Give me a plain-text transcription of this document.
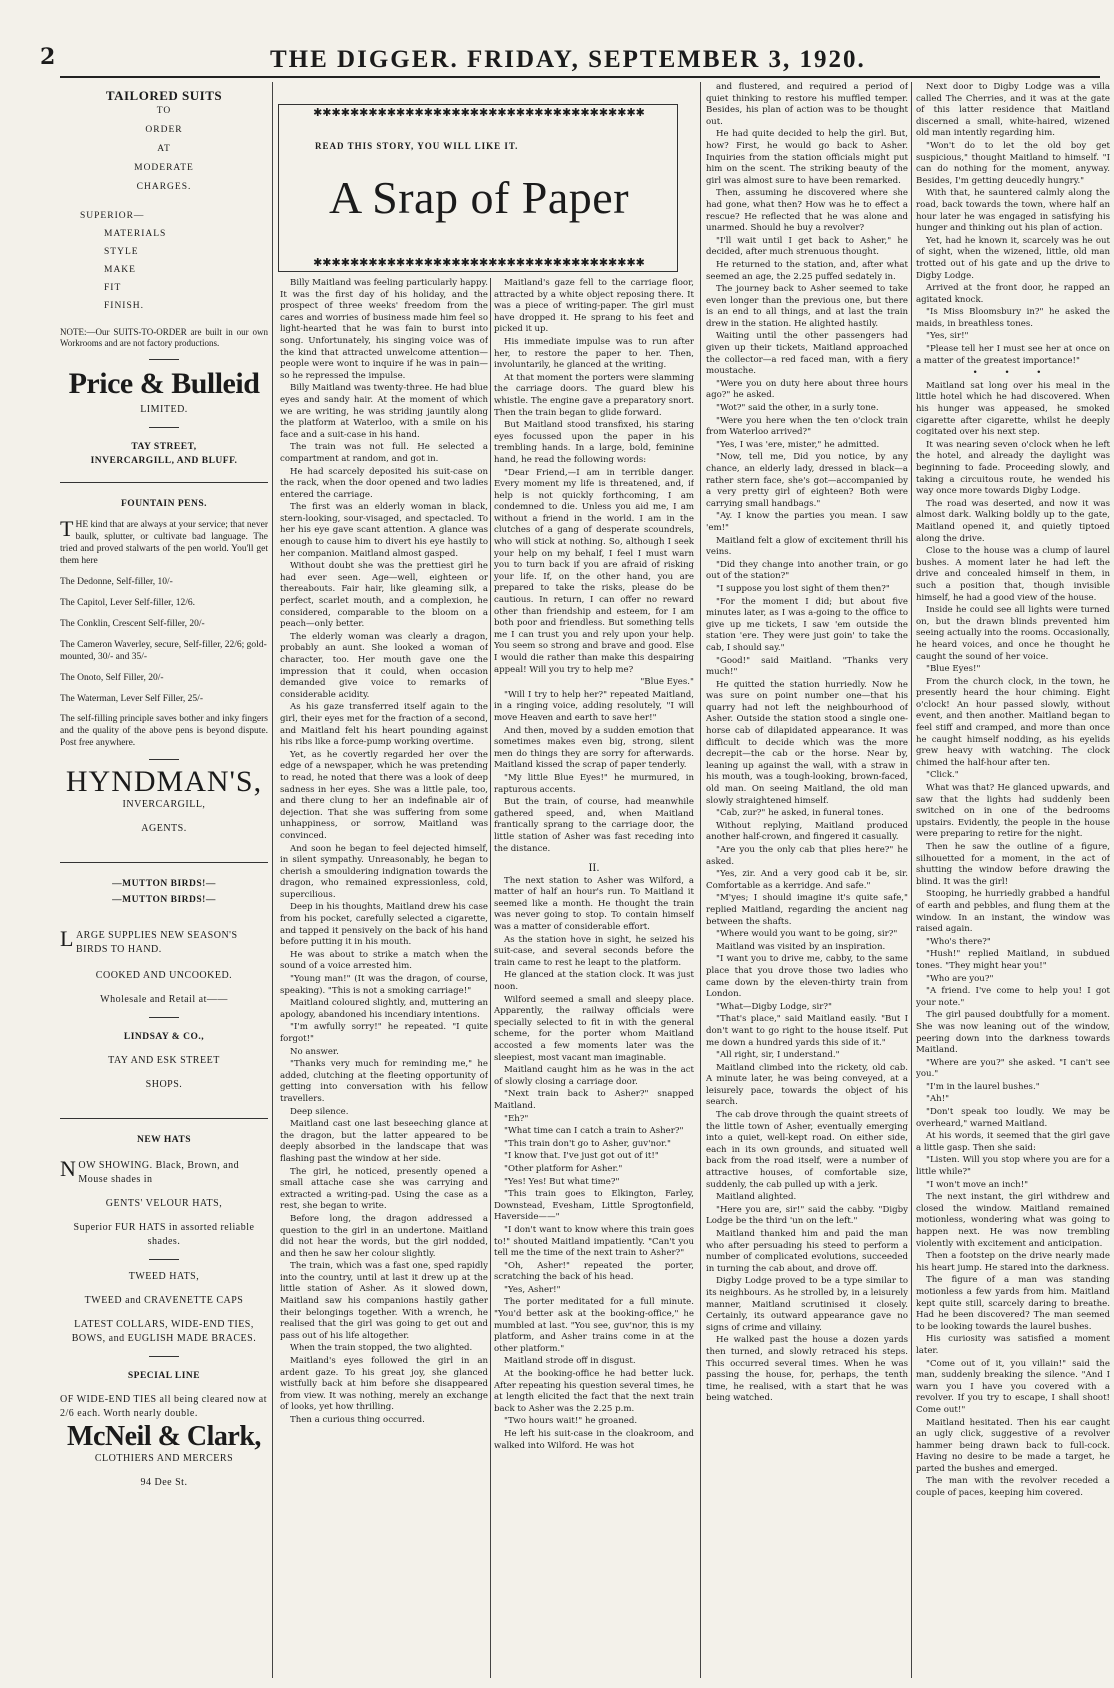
2	THE DIGGER. FRIDAY, SEPTEMBER 3, 1920.
TAILORED SUITS
TO
ORDER
AT
MODERATE
CHARGES.
SUPERIOR—
MATERIALS
STYLE
MAKE
FIT
FINISH.
NOTE:—Our SUITS-TO-ORDER are built in our own Workrooms and are not factory productions.
Price & Bulleid
LIMITED.
TAY STREET, INVERCARGILL, AND BLUFF.
FOUNTAIN PENS.
THE kind that are always at your service; that never baulk, splutter, or cultivate bad language. The tried and proved stalwarts of the pen world. You'll get them here
The Dedonne, Self-filler, 10/-
The Capitol, Lever Self-filler, 12/6.
The Conklin, Crescent Self-filler, 20/-
The Cameron Waverley, secure, Self-filler, 22/6; gold-mounted, 30/- and 35/-
The Onoto, Self Filler, 20/-
The Waterman, Lever Self Filler, 25/-
The self-filling principle saves bother and inky fingers and the quality of the above pens is beyond dispute. Post free anywhere.
HYNDMAN'S,
INVERCARGILL,
AGENTS.
—MUTTON BIRDS!—
—MUTTON BIRDS!—
LARGE SUPPLIES NEW SEASON'S BIRDS TO HAND.
COOKED AND UNCOOKED.
Wholesale and Retail at——
LINDSAY & CO.,
TAY AND ESK STREET
SHOPS.
NEW HATS
NOW SHOWING. Black, Brown, and Mouse shades in
GENTS' VELOUR HATS,
Superior FUR HATS in assorted reliable shades.
TWEED HATS,
TWEED and CRAVENETTE CAPS
LATEST COLLARS, WIDE-END TIES, BOWS, and EUGLISH MADE BRACES.
SPECIAL LINE
OF WIDE-END TIES all being cleared now at 2/6 each. Worth nearly double.
McNeil & Clark,
CLOTHIERS AND MERCERS
94 Dee St.
✱✱✱✱✱✱✱✱✱✱✱✱✱✱✱✱✱✱✱✱✱✱✱✱✱✱✱✱✱✱✱✱✱✱✱✱
READ THIS STORY, YOU WILL LIKE IT.
A Srap of Paper
✱✱✱✱✱✱✱✱✱✱✱✱✱✱✱✱✱✱✱✱✱✱✱✱✱✱✱✱✱✱✱✱✱✱✱✱

Billy Maitland was feeling particularly happy. It was the first day of his holiday, and the prospect of three weeks' freedom from the cares and worries of business made him feel so light-hearted that he was fain to burst into song. Unfortunately, his singing voice was of the kind that attracted unwelcome attention—people were wont to inquire if he was in pain—so he repressed the impulse.

Billy Maitland was twenty-three. He had blue eyes and sandy hair. At the moment of which we are writing, he was striding jauntily along the platform at Waterloo, with a smile on his face and a suit-case in his hand.

The train was not full. He selected a compartment at random, and got in.

He had scarcely deposited his suit-case on the rack, when the door opened and two ladies entered the carriage.

The first was an elderly woman in black, stern-looking, sour-visaged, and spectacled. To her his eye gave scant attention. A glance was enough to cause him to divert his eye hastily to her companion. Maitland almost gasped.

Without doubt she was the prettiest girl he had ever seen. Age—well, eighteen or thereabouts. Fair hair, like gleaming silk, a perfect, scarlet mouth, and a complexion, he considered, comparable to the bloom on a peach—only better.

The elderly woman was clearly a dragon, probably an aunt. She looked a woman of character, too. Her mouth gave one the impression that it could, when occasion demanded give voice to remarks of considerable acidity.

As his gaze transferred itself again to the girl, their eyes met for the fraction of a second, and Maitland felt his heart pounding against his ribs like a force-pump working overtime.

Yet, as he covertly regarded her over the edge of a newspaper, which he was pretending to read, he noted that there was a look of deep sadness in her eyes. She was a little pale, too, and there clung to her an indefinable air of dejection. That she was suffering from some unhappiness, or sorrow, Maitland was convinced.

And soon he began to feel dejected himself, in silent sympathy. Unreasonably, he began to cherish a smouldering indignation towards the dragon, who remained expressionless, cold, supercilious.

Deep in his thoughts, Maitland drew his case from his pocket, carefully selected a cigarette, and tapped it pensively on the back of his hand before putting it in his mouth.

He was about to strike a match when the sound of a voice arrested him.

"Young man!" (It was the dragon, of course, speaking). "This is not a smoking carriage!"

Maitland coloured slightly, and, muttering an apology, abandoned his incendiary intentions.

"I'm awfully sorry!" he repeated. "I quite forgot!"

No answer.

"Thanks very much for reminding me," he added, clutching at the fleeting opportunity of getting into conversation with his fellow travellers.

Deep silence.

Maitland cast one last beseeching glance at the dragon, but the latter appeared to be deeply absorbed in the landscape that was flashing past the window at her side.

The girl, he noticed, presently opened a small attache case she was carrying and extracted a writing-pad. Using the case as a rest, she began to write.

Before long, the dragon addressed a question to the girl in an undertone. Maitland did not hear the words, but the girl nodded, and then he saw her colour slightly.

The train, which was a fast one, sped rapidly into the country, until at last it drew up at the little station of Asher. As it slowed down, Maitland saw his companions hastily gather their belongings together. With a wrench, he realised that the girl was going to get out and pass out of his life altogether.

When the train stopped, the two alighted.

Maitland's eyes followed the girl in an ardent gaze. To his great joy, she glanced wistfully back at him before she disappeared from view. It was nothing, merely an exchange of looks, yet how thrilling.

Then a curious thing occurred.

Maitland's gaze fell to the carriage floor, attracted by a white object reposing there. It was a piece of writing-paper. The girl must have dropped it. He sprang to his feet and picked it up.

His immediate impulse was to run after her, to restore the paper to her. Then, involuntarily, he glanced at the writing.

At that moment the porters were slamming the carriage doors. The guard blew his whistle. The engine gave a preparatory snort. Then the train began to glide forward.

But Maitland stood transfixed, his staring eyes focussed upon the paper in his trembling hands. In a large, bold, feminine hand, he read the following words:

"Dear Friend,—I am in terrible danger. Every moment my life is threatened, and, if help is not quickly forthcoming, I am condemned to die. Unless you aid me, I am without a friend in the world. I am in the clutches of a gang of desperate scoundrels, who will stick at nothing. So, although I seek your help on my behalf, I feel I must warn you to turn back if you are afraid of risking your life. If, on the other hand, you are prepared to take the risks, please do be cautious. In return, I can offer no reward other than friendship and esteem, for I am both poor and friendless. But something tells me I can trust you and rely upon your help. You seem so strong and brave and good. Else I would die rather than make this despairing appeal! Will you try to help me?

"Blue Eyes."

"Will I try to help her?" repeated Maitland, in a ringing voice, adding resolutely, "I will move Heaven and earth to save her!"

And then, moved by a sudden emotion that sometimes makes even big, strong, silent men do things they are sorry for afterwards. Maitland kissed the scrap of paper tenderly.

"My little Blue Eyes!" he murmured, in rapturous accents.

But the train, of course, had meanwhile gathered speed, and, when Maitland frantically sprang to the carriage door, the little station of Asher was fast receding into the distance.

II.

The next station to Asher was Wilford, a matter of half an hour's run. To Maitland it seemed like a month. He thought the train was never going to stop. To contain himself was a matter of considerable effort.

As the station hove in sight, he seized his suit-case, and several seconds before the train came to rest he leapt to the platform.

He glanced at the station clock. It was just noon.

Wilford seemed a small and sleepy place. Apparently, the railway officials were specially selected to fit in with the general scheme, for the porter whom Maitland accosted a few moments later was the sleepiest, most vacant man imaginable.

Maitland caught him as he was in the act of slowly closing a carriage door.

"Next train back to Asher?" snapped Maitland.

"Eh?"

"What time can I catch a train to Asher?"

"This train don't go to Asher, guv'nor."

"I know that. I've just got out of it!"

"Other platform for Asher."

"Yes! Yes! But what time?"

"This train goes to Elkington, Farley, Downstead, Evesham, Little Sprogtonfield, Haverside——"

"I don't want to know where this train goes to!" shouted Maitland impatiently. "Can't you tell me the time of the next train to Asher?"

"Oh, Asher!" repeated the porter, scratching the back of his head.

"Yes, Asher!"

The porter meditated for a full minute. "You'd better ask at the booking-office," he mumbled at last. "You see, guv'nor, this is my platform, and Asher trains come in at the other platform."

Maitland strode off in disgust.

At the booking-office he had better luck. After repeating his question several times, he at length elicited the fact that the next train back to Asher was the 2.25 p.m.

"Two hours wait!" he groaned.

He left his suit-case in the cloakroom, and walked into Wilford. He was hot

and flustered, and required a period of quiet thinking to restore his muffled temper. Besides, his plan of action was to be thought out.

He had quite decided to help the girl. But, how? First, he would go back to Asher. Inquiries from the station officials might put him on the scent. The striking beauty of the girl was almost sure to have been remarked.

Then, assuming he discovered where she had gone, what then? How was he to effect a rescue? He reflected that he was alone and unarmed. Should he buy a revolver?

"I'll wait until I get back to Asher," he decided, after much strenuous thought.

He returned to the station, and, after what seemed an age, the 2.25 puffed sedately in.

The journey back to Asher seemed to take even longer than the previous one, but there is an end to all things, and at last the train drew in the station. He alighted hastily.

Waiting until the other passengers had given up their tickets, Maitland approached the collector—a red faced man, with a fiery moustache.

"Were you on duty here about three hours ago?" he asked.

"Wot?" said the other, in a surly tone.

"Were you here when the ten o'clock train from Waterloo arrived?"

"Yes, I was 'ere, mister," he admitted.

"Now, tell me, Did you notice, by any chance, an elderly lady, dressed in black—a rather stern face, she's got—accompanied by a very pretty girl of eighteen? Both were carrying small handbags."

"Ay. I know the parties you mean. I saw 'em!"

Maitland felt a glow of excitement thrill his veins.

"Did they change into another train, or go out of the station?"

"I suppose you lost sight of them then?"

"For the moment I did; but about five minutes later, as I was a-going to the office to give up me tickets, I saw 'em outside the station 'ere. They were just goin' to take the cab, I should say."

"Good!" said Maitland. "Thanks very much!"

He quitted the station hurriedly. Now he was sure on point number one—that his quarry had not left the neighbourhood of Asher. Outside the station stood a single one-horse cab of dilapidated appearance. It was difficult to decide which was the more decrepit—the cab or the horse. Near by, leaning up against the wall, with a straw in his mouth, was a tough-looking, brown-faced, old man. On seeing Maitland, the old man slowly straightened himself.

"Cab, zur?" he asked, in funeral tones.

Without replying, Maitland produced another half-crown, and fingered it casually.

"Are you the only cab that plies here?" he asked.

"Yes, zir. And a very good cab it be, sir. Comfortable as a kerridge. And safe."

"M'yes; I should imagine it's quite safe," replied Maitland, regarding the ancient nag between the shafts.

"Where would you want to be going, sir?"

Maitland was visited by an inspiration.

"I want you to drive me, cabby, to the same place that you drove those two ladies who came down by the eleven-thirty train from London.

"What—Digby Lodge, sir?"

"That's place," said Maitland easily. "But I don't want to go right to the house itself. Put me down a hundred yards this side of it."

"All right, sir, I understand."

Maitland climbed into the rickety, old cab. A minute later, he was being conveyed, at a leisurely pace, towards the object of his search.

The cab drove through the quaint streets of the little town of Asher, eventually emerging into a quiet, well-kept road. On either side, each in its own grounds, and situated well back from the road itself, were a number of attractive houses, of comfortable size, suddenly, the cab pulled up with a jerk.

Maitland alighted.

"Here you are, sir!" said the cabby. "Digby Lodge be the third 'un on the left."

Maitland thanked him and paid the man who after persuading his steed to perform a number of complicated evolutions, succeeded in turning the cab about, and drove off.

Digby Lodge proved to be a type similar to its neighbours. As he strolled by, in a leisurely manner, Maitland scrutinised it closely. Certainly, its outward appearance gave no signs of crime and villainy.

He walked past the house a dozen yards then turned, and slowly retraced his steps. This occurred several times. When he was passing the house, for, perhaps, the tenth time, he realised, with a start that he was being watched.

Next door to Digby Lodge was a villa called The Cherries, and it was at the gate of this latter residence that Maitland discerned a small, white-haired, wizened old man intently regarding him.

"Won't do to let the old boy get suspicious," thought Maitland to himself. "I can do nothing for the moment, anyway. Besides, I'm getting deucedly hungry."

With that, he sauntered calmly along the road, back towards the town, where half an hour later he was engaged in satisfying his hunger and thinking out his plan of action.

Yet, had he known it, scarcely was he out of sight, when the wizened, little, old man trotted out of his gate and up the drive to Digby Lodge.

Arrived at the front door, he rapped an agitated knock.

"Is Miss Bloomsbury in?" he asked the maids, in breathless tones.

"Yes, sir!"

"Please tell her I must see her at once on a matter of the greatest importance!"

• • •

Maitland sat long over his meal in the little hotel which he had discovered. When his hunger was appeased, he smoked cigarette after cigarette, whilst he deeply cogitated over his next step.

It was nearing seven o'clock when he left the hotel, and already the daylight was beginning to fade. Proceeding slowly, and taking a circuitous route, he wended his way once more towards Digby Lodge.

The road was deserted, and now it was almost dark. Walking boldly up to the gate, Maitland opened it, and quietly tiptoed along the drive.

Close to the house was a clump of laurel bushes. A moment later he had left the drive and concealed himself in them, in such a position that, though invisible himself, he had a good view of the house.

Inside he could see all lights were turned on, but the drawn blinds prevented him seeing actually into the rooms. Occasionally, he heard voices, and once he thought he caught the sound of her voice.

"Blue Eyes!"

From the church clock, in the town, he presently heard the hour chiming. Eight o'clock! An hour passed slowly, without event, and then another. Maitland began to feel stiff and cramped, and more than once he caught himself nodding, as his eyelids grew heavy with watching. The clock chimed the half-hour after ten.

"Click."

What was that? He glanced upwards, and saw that the lights had suddenly been switched on in one of the bedrooms upstairs. Evidently, the people in the house were preparing to retire for the night.

Then he saw the outline of a figure, silhouetted for a moment, in the act of shutting the window before drawing the blind. It was the girl!

Stooping, he hurriedly grabbed a handful of earth and pebbles, and flung them at the window. In an instant, the window was raised again.

"Who's there?"

"Hush!" replied Maitland, in subdued tones. "They might hear you!"

"Who are you?"

"A friend. I've come to help you! I got your note."

The girl paused doubtfully for a moment. She was now leaning out of the window, peering down into the darkness towards Maitland.

"Where are you?" she asked. "I can't see you."

"I'm in the laurel bushes."

"Ah!"

"Don't speak too loudly. We may be overheard," warned Maitland.

At his words, it seemed that the girl gave a little gasp. Then she said:

"Listen. Will you stop where you are for a little while?"

"I won't move an inch!"

The next instant, the girl withdrew and closed the window. Maitland remained motionless, wondering what was going to happen next. He was now trembling violently with excitement and anticipation.

Then a footstep on the drive nearly made his heart jump. He stared into the darkness.

The figure of a man was standing motionless a few yards from him. Maitland kept quite still, scarcely daring to breathe. Had he been discovered? The man seemed to be looking towards the laurel bushes.

His curiosity was satisfied a moment later.

"Come out of it, you villain!" said the man, suddenly breaking the silence. "And I warn you I have you covered with a revolver. If you try to escape, I shall shoot! Come out!"

Maitland hesitated. Then his ear caught an ugly click, suggestive of a revolver hammer being drawn back to full-cock. Having no desire to be made a target, he parted the bushes and emerged.

The man with the revolver receded a couple of paces, keeping him covered.
